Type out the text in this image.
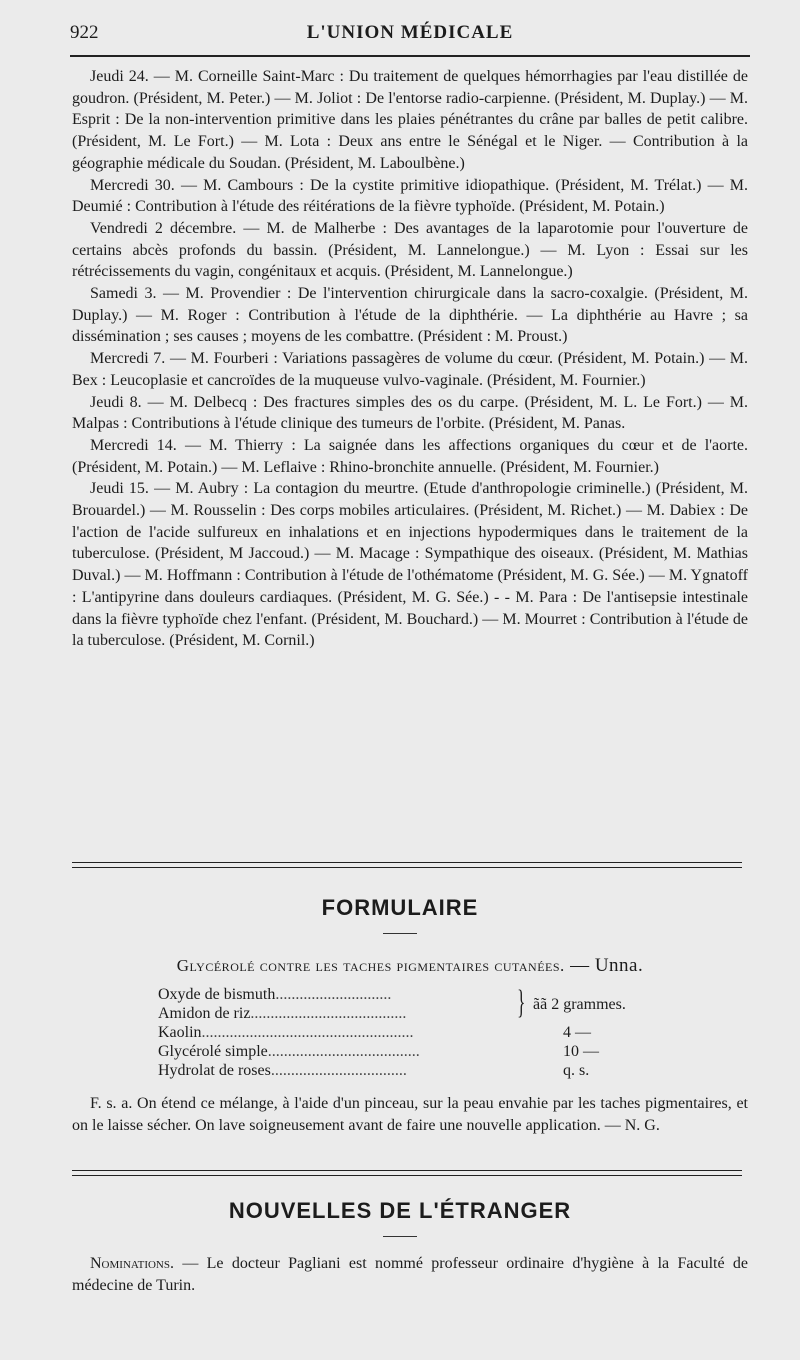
922	L'UNION MÉDICALE

Jeudi 24. — M. Corneille Saint-Marc : Du traitement de quelques hémorrhagies par l'eau distillée de goudron. (Président, M. Peter.) — M. Joliot : De l'entorse radio-carpienne. (Président, M. Duplay.) — M. Esprit : De la non-intervention primitive dans les plaies pénétrantes du crâne par balles de petit calibre. (Président, M. Le Fort.) — M. Lota : Deux ans entre le Sénégal et le Niger. — Contribution à la géographie médicale du Soudan. (Président, M. Laboulbène.)

Mercredi 30. — M. Cambours : De la cystite primitive idiopathique. (Président, M. Trélat.) — M. Deumié : Contribution à l'étude des réitérations de la fièvre typhoïde. (Président, M. Potain.)

Vendredi 2 décembre. — M. de Malherbe : Des avantages de la laparotomie pour l'ouverture de certains abcès profonds du bassin. (Président, M. Lannelongue.) — M. Lyon : Essai sur les rétrécissements du vagin, congénitaux et acquis. (Président, M. Lannelongue.)

Samedi 3. — M. Provendier : De l'intervention chirurgicale dans la sacro-coxalgie. (Président, M. Duplay.) — M. Roger : Contribution à l'étude de la diphthérie. — La diphthérie au Havre ; sa dissémination ; ses causes ; moyens de les combattre. (Président : M. Proust.)

Mercredi 7. — M. Fourberi : Variations passagères de volume du cœur. (Président, M. Potain.) — M. Bex : Leucoplasie et cancroïdes de la muqueuse vulvo-vaginale. (Président, M. Fournier.)

Jeudi 8. — M. Delbecq : Des fractures simples des os du carpe. (Président, M. L. Le Fort.) — M. Malpas : Contributions à l'étude clinique des tumeurs de l'orbite. (Président, M. Panas.

Mercredi 14. — M. Thierry : La saignée dans les affections organiques du cœur et de l'aorte. (Président, M. Potain.) — M. Leflaive : Rhino-bronchite annuelle. (Président, M. Fournier.)

Jeudi 15. — M. Aubry : La contagion du meurtre. (Etude d'anthropologie criminelle.) (Président, M. Brouardel.) — M. Rousselin : Des corps mobiles articulaires. (Président, M. Richet.) — M. Dabiex : De l'action de l'acide sulfureux en inhalations et en injections hypodermiques dans le traitement de la tuberculose. (Président, M Jaccoud.) — M. Macage : Sympathique des oiseaux. (Président, M. Mathias Duval.) — M. Hoffmann : Contribution à l'étude de l'othématome (Président, M. G. Sée.) — M. Ygnatoff : L'antipyrine dans douleurs cardiaques. (Président, M. G. Sée.) - - M. Para : De l'antisepsie intestinale dans la fièvre typhoïde chez l'enfant. (Président, M. Bouchard.) — M. Mourret : Contribution à l'étude de la tuberculose. (Président, M. Cornil.)

FORMULAIRE
Glycérolé contre les taches pigmentaires cutanées. — Unna.
Oxyde de bismuth.............................	} ãã 2 grammes.
Amidon de riz.......................................
Kaolin.....................................................	4 —
Glycérolé simple......................................	10 —
Hydrolat de roses..................................	q. s.

F. s. a. On étend ce mélange, à l'aide d'un pinceau, sur la peau envahie par les taches pigmentaires, et on le laisse sécher. On lave soigneusement avant de faire une nouvelle application. — N. G.

NOUVELLES DE L'ÉTRANGER

Nominations. — Le docteur Pagliani est nommé professeur ordinaire d'hygiène à la Faculté de médecine de Turin.
